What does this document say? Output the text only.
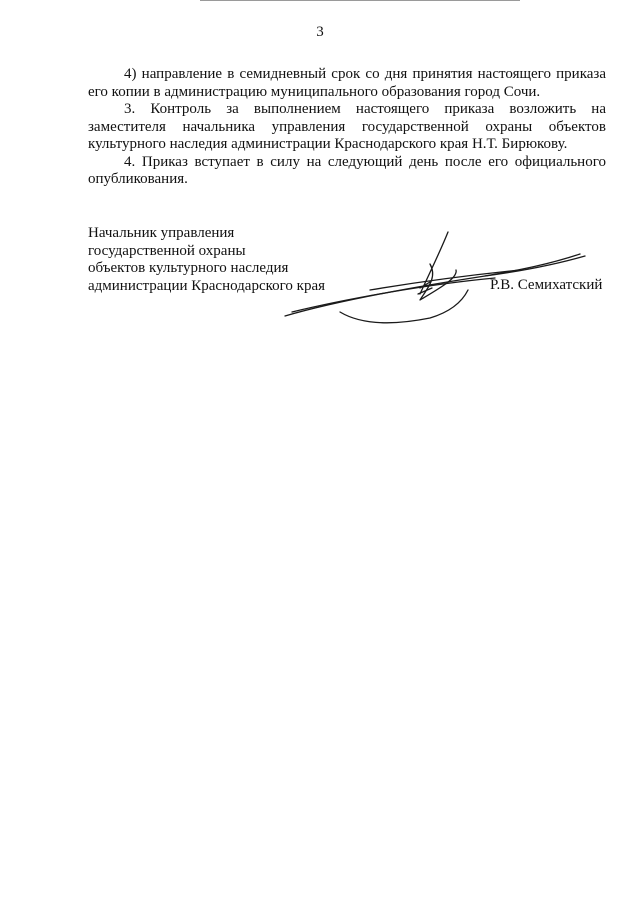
3

4) направление в семидневный срок со дня принятия настоящего приказа его копии в администрацию муниципального образования город Сочи.

3. Контроль за выполнением настоящего приказа возложить на заместителя начальника управления государственной охраны объектов культурного наследия администрации Краснодарского края Н.Т. Бирюкову.

4. Приказ вступает в силу на следующий день после его официального опубликования.

Начальник управления

государственной охраны

объектов культурного наследия

администрации Краснодарского края	Р.В. Семихатский
